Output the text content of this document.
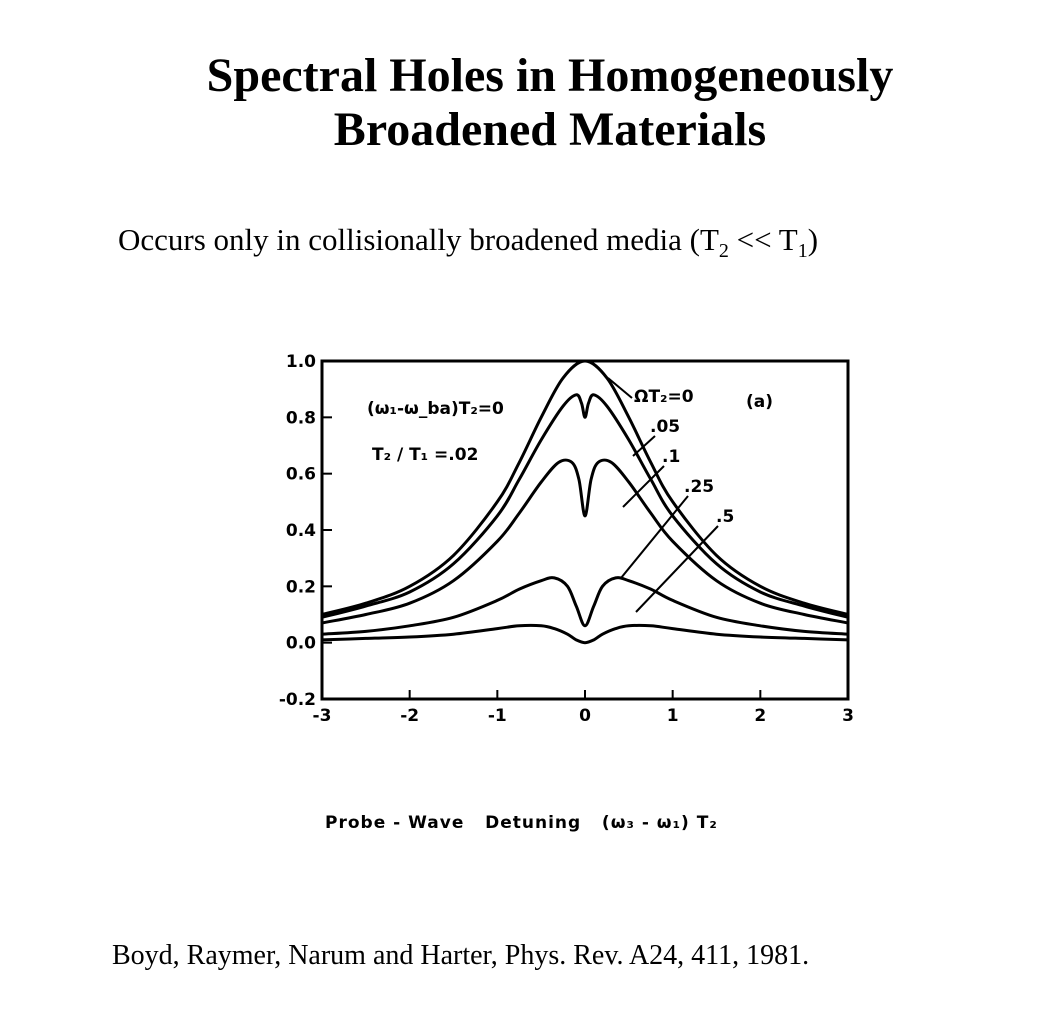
Spectral Holes in Homogeneously
Broadened Materials
Occurs only in collisionally broadened media $(T_2 << T_1)$
-3	-2	-1	0	1	2	3
-0.2
0.0
0.2
0.4
0.6
0.8
1.0
(ω₁-ω_ba)T₂=0
T₂ / T₁ =.02
(a)
ΩT₂=0
.05
.1
.25
.5
Probe - Wave   Detuning   (ω₃ - ω₁) T₂
Boyd, Raymer, Narum and Harter, Phys. Rev. A24, 411, 1981.
